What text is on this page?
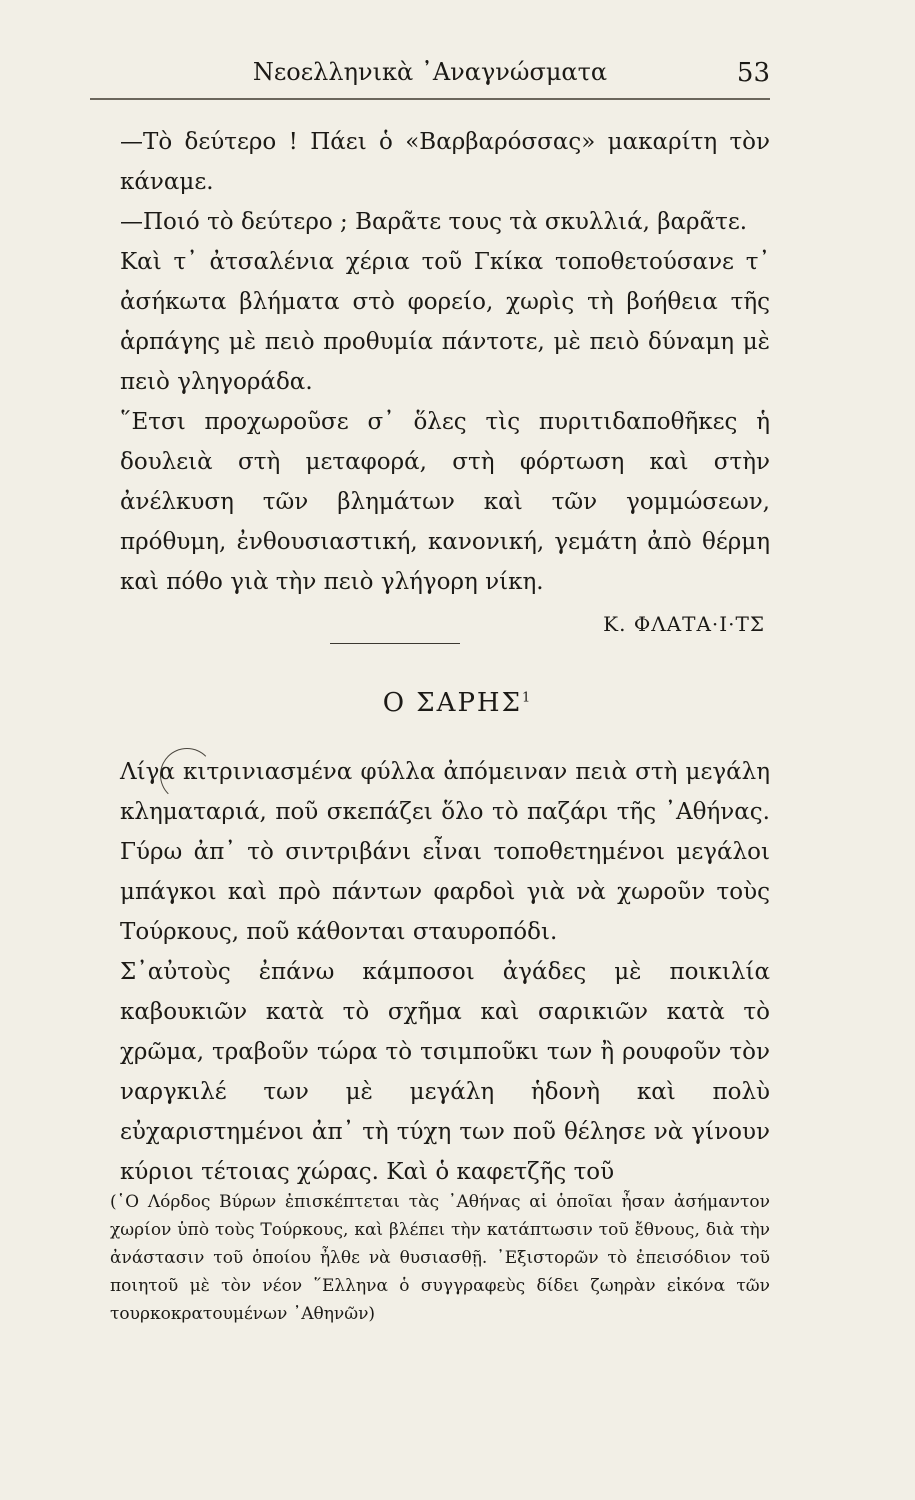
Νεοελληνικὰ ᾿Αναγνώσματα	53

—Τὸ δεύτερο ! Πάει ὁ «Βαρβαρόσσας» μακαρίτη τὸν κάναμε.

—Ποιό τὸ δεύτερο ; Βαρᾶτε τους τὰ σκυλλιά, βαρᾶτε.

Καὶ τ᾿ ἀτσαλένια χέρια τοῦ Γκίκα τοποθετούσανε τ᾿ ἀσήκωτα βλήματα στὸ φορείο, χωρὶς τὴ βοήθεια τῆς ἁρπάγης μὲ πειὸ προθυμία πάντοτε, μὲ πειὸ δύναμη μὲ πειὸ γληγοράδα.

῞Ετσι προχωροῦσε σ᾿ ὅλες τὶς πυριτιδαποθῆκες ἡ δουλειὰ στὴ μεταφορά, στὴ φόρτωση καὶ στὴν ἀνέλκυση τῶν βλημάτων καὶ τῶν γομμώσεων, πρόθυμη, ἐνθουσιαστική, κανονική, γεμάτη ἀπὸ θέρμη καὶ πόθο γιὰ τὴν πειὸ γλήγορη νίκη.

Κ. ΦΛΑΤΑ·Ι·ΤΣ
Ο ΣΑΡΗΣ$^1$

Λίγα κιτρινιασμένα φύλλα ἀπόμειναν πειὰ στὴ μεγάλη κληματαριά, ποῦ σκεπάζει ὅλο τὸ παζάρι τῆς ᾿Αθήνας. Γύρω ἀπ᾿ τὸ σιντριβάνι εἶναι τοποθετημένοι μεγάλοι μπάγκοι καὶ πρὸ πάντων φαρδοὶ γιὰ νὰ χωροῦν τοὺς Τούρκους, ποῦ κάθονται σταυροπόδι.

Σ᾿αὐτοὺς ἐπάνω κάμποσοι ἀγάδες μὲ ποικιλία καβουκιῶν κατὰ τὸ σχῆμα καὶ σαρικιῶν κατὰ τὸ χρῶμα, τραβοῦν τώρα τὸ τσιμποῦκι των ἢ ρουφοῦν τὸν ναργκιλέ των μὲ μεγάλη ἡδονὴ καὶ πολὺ εὐχαριστημένοι ἀπ᾿ τὴ τύχη των ποῦ θέλησε νὰ γίνουν κύριοι τέτοιας χώρας. Καὶ ὁ καφετζῆς τοῦ

(῾Ο Λόρδος Βύρων ἐπισκέπτεται τὰς ᾿Αθήνας αἱ ὁποῖαι ἦσαν ἀσήμαντον χωρίον ὑπὸ τοὺς Τούρκους, καὶ βλέπει τὴν κατάπτωσιν τοῦ ἔθνους, διὰ τὴν ἀνάστασιν τοῦ ὁποίου ἦλθε νὰ θυσιασθῇ. ᾿Εξιστορῶν τὸ ἐπεισόδιον τοῦ ποιητοῦ μὲ τὸν νέον ῞Ελληνα ὁ συγγραφεὺς δίδει ζωηρὰν εἰκόνα τῶν τουρκοκρατουμένων ᾿Αθηνῶν)
